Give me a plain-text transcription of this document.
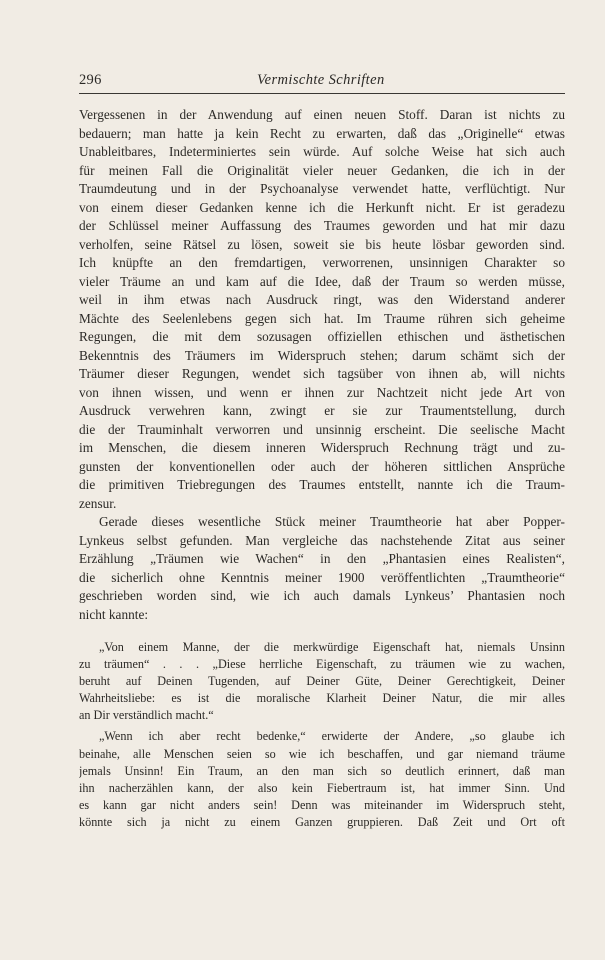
296	Vermischte Schriften
Vergessenen in der Anwendung auf einen neuen Stoff. Daran ist nichts zu
bedauern; man hatte ja kein Recht zu erwarten, daß das „Originelle“ etwas
Unableitbares, Indeterminiertes sein würde. Auf solche Weise hat sich auch
für meinen Fall die Originalität vieler neuer Gedanken, die ich in der
Traumdeutung und in der Psychoanalyse verwendet hatte, verflüchtigt. Nur
von einem dieser Gedanken kenne ich die Herkunft nicht. Er ist geradezu
der Schlüssel meiner Auffassung des Traumes geworden und hat mir dazu
verholfen, seine Rätsel zu lösen, soweit sie bis heute lösbar geworden sind.
Ich knüpfte an den fremdartigen, verworrenen, unsinnigen Charakter so
vieler Träume an und kam auf die Idee, daß der Traum so werden müsse,
weil in ihm etwas nach Ausdruck ringt, was den Widerstand anderer
Mächte des Seelenlebens gegen sich hat. Im Traume rühren sich geheime
Regungen, die mit dem sozusagen offiziellen ethischen und ästhetischen
Bekenntnis des Träumers im Widerspruch stehen; darum schämt sich der
Träumer dieser Regungen, wendet sich tagsüber von ihnen ab, will nichts
von ihnen wissen, und wenn er ihnen zur Nachtzeit nicht jede Art von
Ausdruck verwehren kann, zwingt er sie zur Traumentstellung, durch
die der Trauminhalt verworren und unsinnig erscheint. Die seelische Macht
im Menschen, die diesem inneren Widerspruch Rechnung trägt und zu-
gunsten der konventionellen oder auch der höheren sittlichen Ansprüche
die primitiven Triebregungen des Traumes entstellt, nannte ich die Traum-
zensur.
Gerade dieses wesentliche Stück meiner Traumtheorie hat aber Popper-
Lynkeus selbst gefunden. Man vergleiche das nachstehende Zitat aus seiner
Erzählung „Träumen wie Wachen“ in den „Phantasien eines Realisten“,
die sicherlich ohne Kenntnis meiner 1900 veröffentlichten „Traumtheorie“
geschrieben worden sind, wie ich auch damals Lynkeus’ Phantasien noch
nicht kannte:
„Von einem Manne, der die merkwürdige Eigenschaft hat, niemals Unsinn
zu träumen“ . . . „Diese herrliche Eigenschaft, zu träumen wie zu wachen,
beruht auf Deinen Tugenden, auf Deiner Güte, Deiner Gerechtigkeit, Deiner
Wahrheitsliebe: es ist die moralische Klarheit Deiner Natur, die mir alles
an Dir verständlich macht.“
„Wenn ich aber recht bedenke,“ erwiderte der Andere, „so glaube ich
beinahe, alle Menschen seien so wie ich beschaffen, und gar niemand träume
jemals Unsinn! Ein Traum, an den man sich so deutlich erinnert, daß man
ihn nacherzählen kann, der also kein Fiebertraum ist, hat immer Sinn. Und
es kann gar nicht anders sein! Denn was miteinander im Widerspruch steht,
könnte sich ja nicht zu einem Ganzen gruppieren. Daß Zeit und Ort oft
